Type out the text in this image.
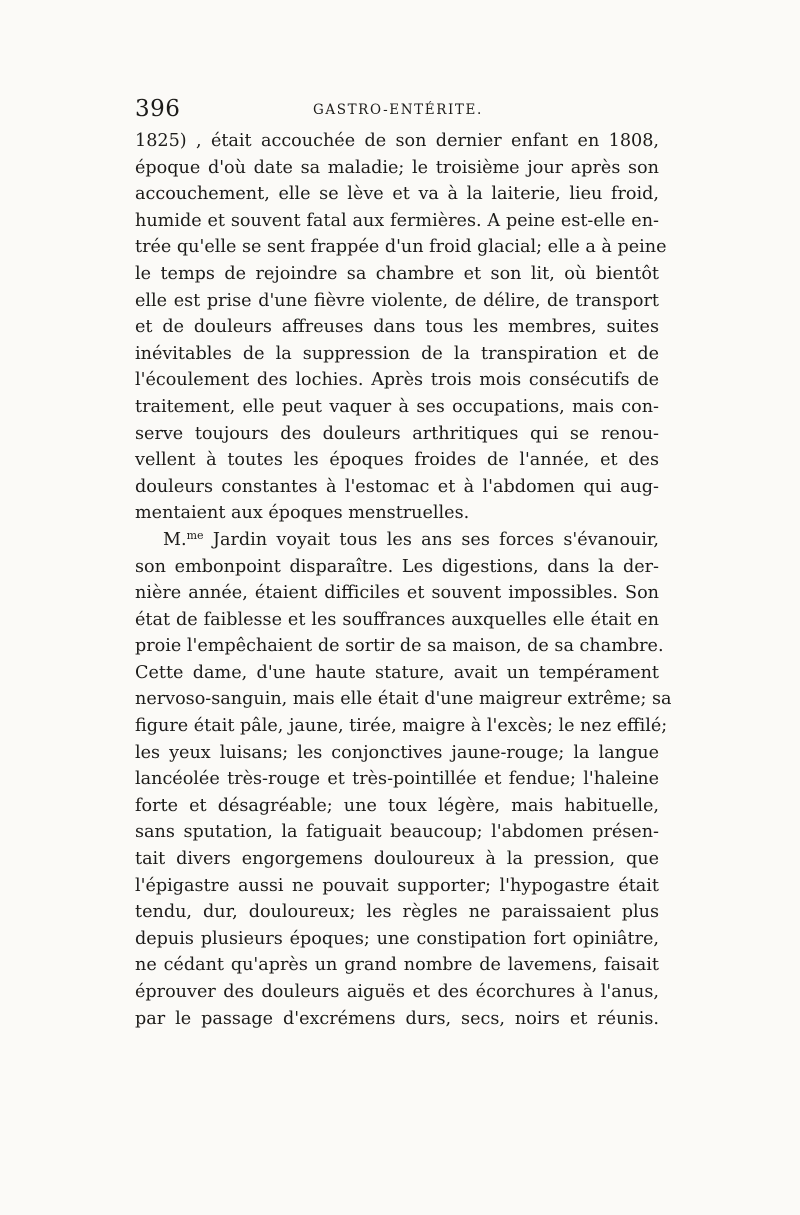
396	GASTRO-ENTÉRITE.
1825) , était accouchée de son dernier enfant en 1808,
époque d'où date sa maladie; le troisième jour après son
accouchement, elle se lève et va à la laiterie, lieu froid,
humide et souvent fatal aux fermières. A peine est-elle en-
trée qu'elle se sent frappée d'un froid glacial; elle a à peine
le temps de rejoindre sa chambre et son lit, où bientôt
elle est prise d'une fièvre violente, de délire, de transport
et de douleurs affreuses dans tous les membres, suites
inévitables de la suppression de la transpiration et de
l'écoulement des lochies. Après trois mois consécutifs de
traitement, elle peut vaquer à ses occupations, mais con-
serve toujours des douleurs arthritiques qui se renou-
vellent à toutes les époques froides de l'année, et des
douleurs constantes à l'estomac et à l'abdomen qui aug-
mentaient aux époques menstruelles.
M.$^{me}$ Jardin voyait tous les ans ses forces s'évanouir,
son embonpoint disparaître. Les digestions, dans la der-
nière année, étaient difficiles et souvent impossibles. Son
état de faiblesse et les souffrances auxquelles elle était en
proie l'empêchaient de sortir de sa maison, de sa chambre.
Cette dame, d'une haute stature, avait un tempérament
nervoso-sanguin, mais elle était d'une maigreur extrême; sa
figure était pâle, jaune, tirée, maigre à l'excès; le nez effilé;
les yeux luisans; les conjonctives jaune-rouge; la langue
lancéolée très-rouge et très-pointillée et fendue; l'haleine
forte et désagréable; une toux légère, mais habituelle,
sans sputation, la fatiguait beaucoup; l'abdomen présen-
tait divers engorgemens douloureux à la pression, que
l'épigastre aussi ne pouvait supporter; l'hypogastre était
tendu, dur, douloureux; les règles ne paraissaient plus
depuis plusieurs époques; une constipation fort opiniâtre,
ne cédant qu'après un grand nombre de lavemens, faisait
éprouver des douleurs aiguës et des écorchures à l'anus,
par le passage d'excrémens durs, secs, noirs et réunis.
